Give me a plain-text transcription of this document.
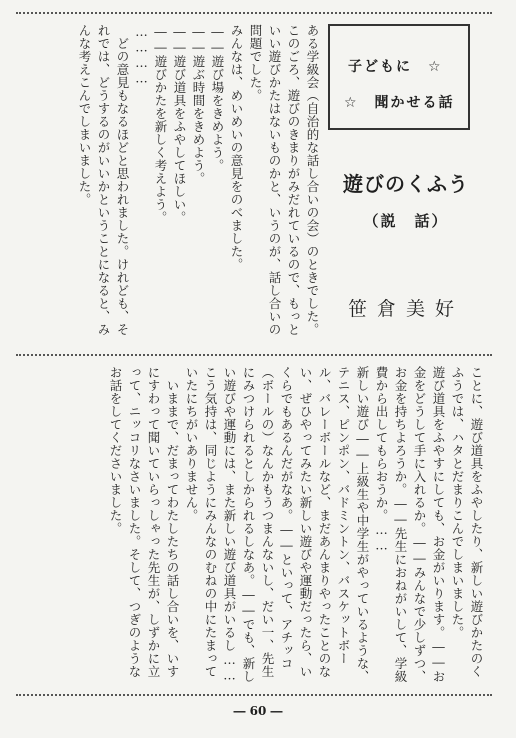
ある学級会（自治的な話し合いの会）のときでした。

このごろ、遊びのきまりがみだれているので、もっといい遊びかたはないものかと、いうのが、話し合いの問題でした。

みんなは、めいめいの意見をのべました。

――遊び場をきめよう。

――遊ぶ時間をきめよう。

――遊び道具をふやしてほしい。

――遊びかたを新しく考えよう。

…………

　どの意見もなるほどと思われました。けれども、それでは、どうするのがいいかということになると、みんな考えこんでしまいました。	子どもに　☆
☆　聞かせる話
遊びのくふう
（説　話）
笹倉美好

ことに、遊び道具をふやしたり、新しい遊びかたのくふうでは、ハタとだまりこんでしまいました。

遊び道具をふやすにしても、お金がいります。――お金をどうして手に入れるか。――みんなで少しずつ、お金を持ちよろうか。――先生におねがいして、学級費から出してもらおうか。……

新しい遊び――上級生や中学生がやっているような、テニス、ピンポン、バドミントン、バスケットボール、バレーボールなど、まだあんまりやったことのない、ぜひやってみたい新しい遊びや運動だったら、いくらでもあるんだがなあ。――といって、アチッコ（ボールの）なんかもうつまんないし、だい一、先生にみつけられるとしかられるしなあ。――でも、新しい遊びや運動には、また新しい遊び道具がいるし……

こう気持は、同じようにみんなのむねの中にたまっていたにちがいありません。

　いままで、だまってわたしたちの話し合いを、いすにすわって聞いていらっしゃった先生が、しずかに立って、ニッコリなさいました。そして、つぎのようなお話をしてくださいました。

― 60 ―
